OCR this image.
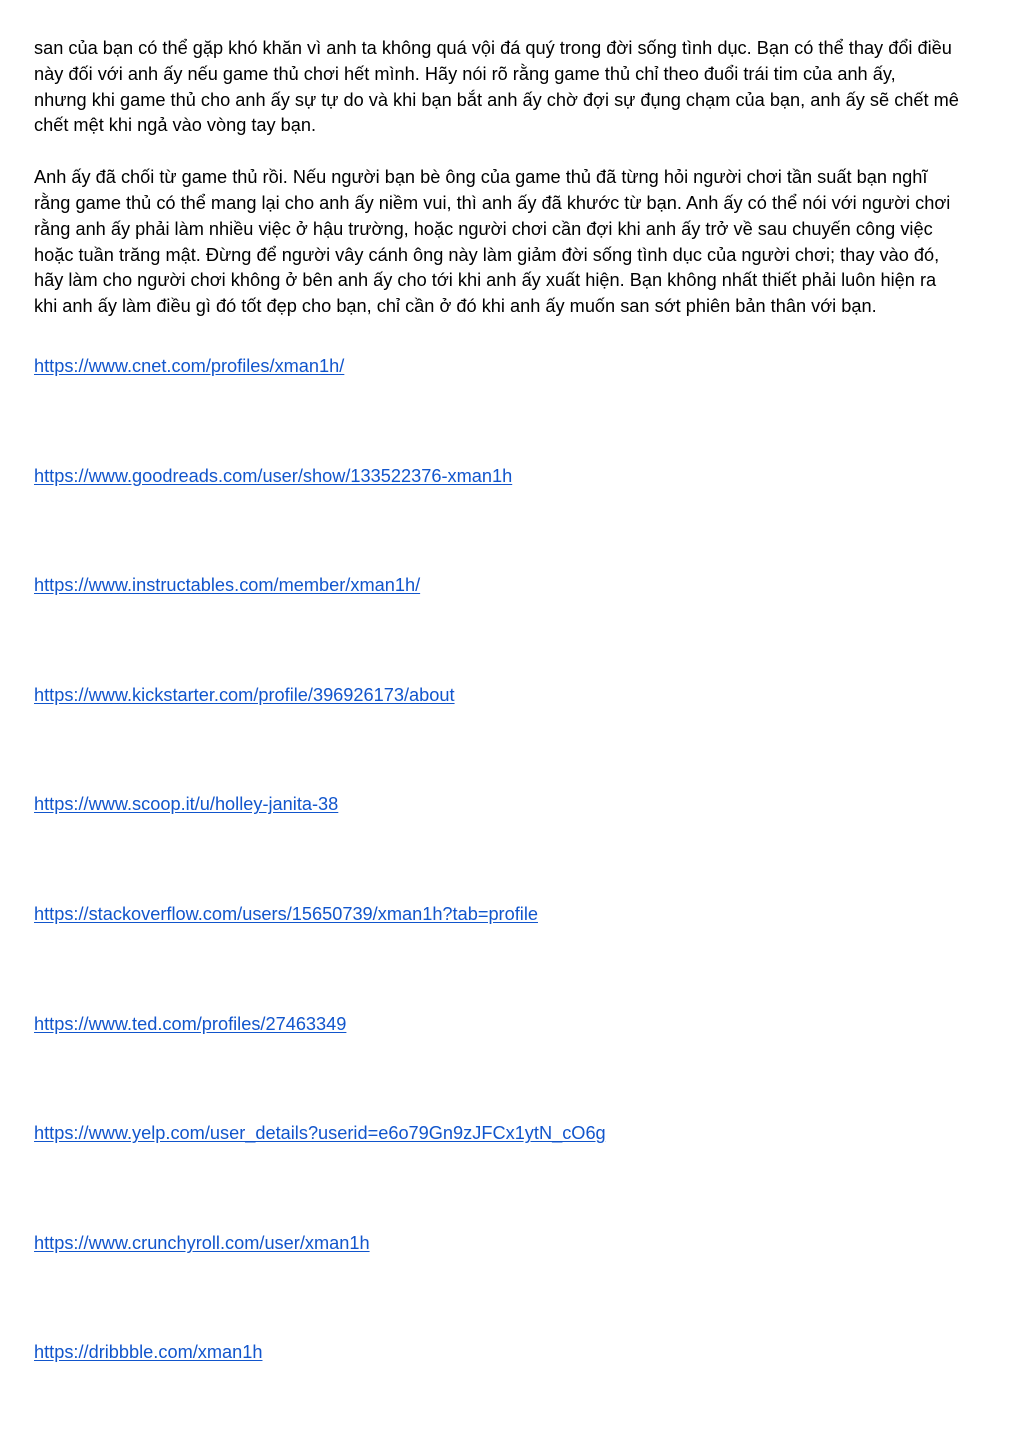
san của bạn có thể gặp khó khăn vì anh ta không quá vội đá quý trong đời sống tình dục. Bạn có thể thay đổi điều
này đối với anh ấy nếu game thủ chơi hết mình. Hãy nói rõ rằng game thủ chỉ theo đuổi trái tim của anh ấy,
nhưng khi game thủ cho anh ấy sự tự do và khi bạn bắt anh ấy chờ đợi sự đụng chạm của bạn, anh ấy sẽ chết mê
chết mệt khi ngả vào vòng tay bạn.

Anh ấy đã chối từ game thủ rồi. Nếu người bạn bè ông của game thủ đã từng hỏi người chơi tần suất bạn nghĩ
rằng game thủ có thể mang lại cho anh ấy niềm vui, thì anh ấy đã khước từ bạn. Anh ấy có thể nói với người chơi
rằng anh ấy phải làm nhiều việc ở hậu trường, hoặc người chơi cần đợi khi anh ấy trở về sau chuyến công việc
hoặc tuần trăng mật. Đừng để người vây cánh ông này làm giảm đời sống tình dục của người chơi; thay vào đó,
hãy làm cho người chơi không ở bên anh ấy cho tới khi anh ấy xuất hiện. Bạn không nhất thiết phải luôn hiện ra
khi anh ấy làm điều gì đó tốt đẹp cho bạn, chỉ cần ở đó khi anh ấy muốn san sớt phiên bản thân với bạn.

https://www.cnet.com/profiles/xman1h/
https://www.goodreads.com/user/show/133522376-xman1h
https://www.instructables.com/member/xman1h/
https://www.kickstarter.com/profile/396926173/about
https://www.scoop.it/u/holley-janita-38
https://stackoverflow.com/users/15650739/xman1h?tab=profile
https://www.ted.com/profiles/27463349
https://www.yelp.com/user_details?userid=e6o79Gn9zJFCx1ytN_cO6g
https://www.crunchyroll.com/user/xman1h
https://dribbble.com/xman1h
